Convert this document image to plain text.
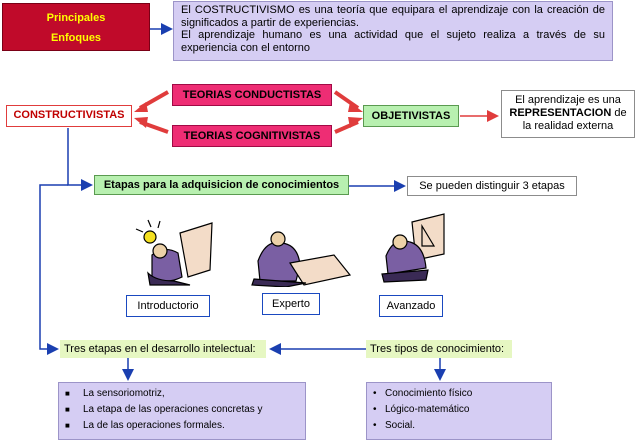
Principales
Enfoques

El COSTRUCTIVISMO es una teoría que equipara el aprendizaje con la creación de significados a partir de experiencias.

El aprendizaje humano es una actividad que el sujeto realiza a través de su experiencia con el entorno

CONSTRUCTIVISTAS
TEORIAS CONDUCTISTAS
TEORIAS COGNITIVISTAS
OBJETIVISTAS
El aprendizaje es una
REPRESENTACION de
la realidad externa
Etapas para la adquisicion de conocimientos	Se pueden distinguir 3 etapas
Introductorio	Experto	Avanzado
Tres etapas en el desarrollo intelectual:	Tres tipos de conocimiento:
■	La sensoriomotriz,
■	La etapa de las operaciones concretas y
■	La de las operaciones formales.
• Conocimiento físico
• Lógico-matemático
• Social.
